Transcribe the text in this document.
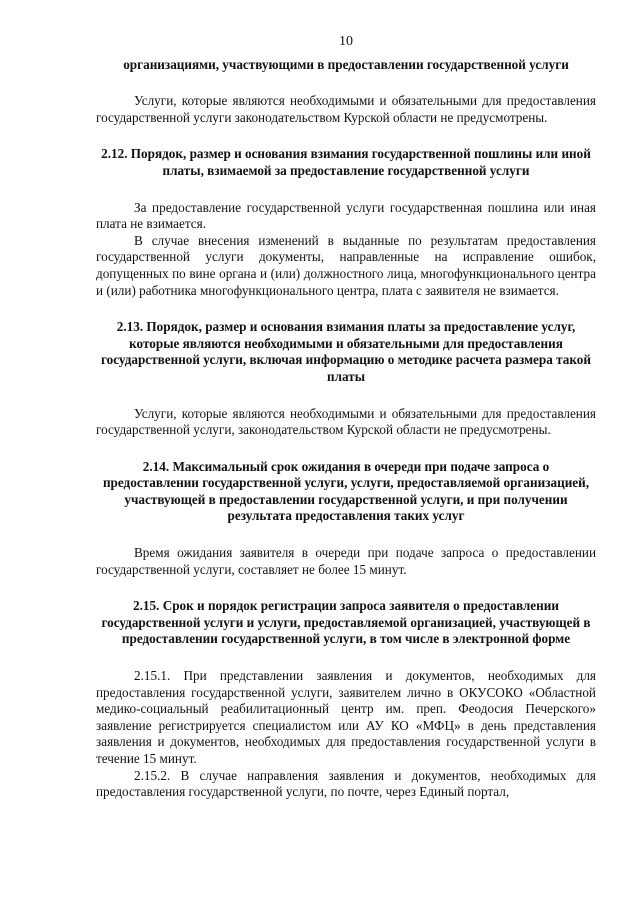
10

организациями, участвующими в предоставлении государственной услуги

Услуги, которые являются необходимыми и обязательными для предоставления государственной услуги законодательством Курской области не предусмотрены.

2.12. Порядок, размер и основания взимания государственной пошлины или иной платы, взимаемой за предоставление государственной услуги

За предоставление государственной услуги государственная пошлина или иная плата не взимается.

В случае внесения изменений в выданные по результатам предоставления государственной услуги документы, направленные на исправление ошибок, допущенных по вине органа и (или) должностного лица, многофункционального центра и (или) работника многофункционального центра, плата с заявителя не взимается.

2.13. Порядок, размер и основания взимания платы за предоставление услуг, которые являются необходимыми и обязательными для предоставления государственной услуги, включая информацию о методике расчета размера такой платы

Услуги, которые являются необходимыми и обязательными для предоставления государственной услуги, законодательством Курской области не предусмотрены.

2.14. Максимальный срок ожидания в очереди при подаче запроса о предоставлении государственной услуги, услуги, предоставляемой организацией, участвующей в предоставлении государственной услуги, и при получении результата предоставления таких услуг

Время ожидания заявителя в очереди при подаче запроса о предоставлении государственной услуги, составляет не более 15 минут.

2.15. Срок и порядок регистрации запроса заявителя о предоставлении государственной услуги и услуги, предоставляемой организацией, участвующей в предоставлении государственной услуги, в том числе в электронной форме

2.15.1. При представлении заявления и документов, необходимых для предоставления государственной услуги, заявителем лично в ОКУСОКО «Областной медико-социальный реабилитационный центр им. преп. Феодосия Печерского» заявление регистрируется специалистом или АУ КО «МФЦ» в день представления заявления и документов, необходимых для предоставления государственной услуги в течение 15 минут.

2.15.2. В случае направления заявления и документов, необходимых для предоставления государственной услуги, по почте, через Единый портал,
